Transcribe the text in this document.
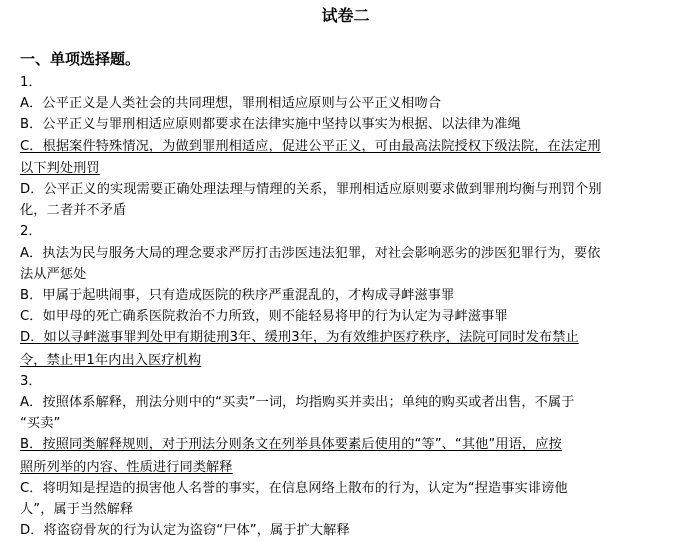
试卷二
一、单项选择题。
1．
A．公平正义是人类社会的共同理想，罪刑相适应原则与公平正义相吻合
B．公平正义与罪刑相适应原则都要求在法律实施中坚持以事实为根据、以法律为准绳
C．根据案件特殊情况，为做到罪刑相适应，促进公平正义，可由最高法院授权下级法院，在法定刑
以下判处刑罚
D．公平正义的实现需要正确处理法理与情理的关系，罪刑相适应原则要求做到罪刑均衡与刑罚个别
化，二者并不矛盾
2．
A．执法为民与服务大局的理念要求严厉打击涉医违法犯罪，对社会影响恶劣的涉医犯罪行为，要依
法从严惩处
B．甲属于起哄闹事，只有造成医院的秩序严重混乱的，才构成寻衅滋事罪
C．如甲母的死亡确系医院救治不力所致，则不能轻易将甲的行为认定为寻衅滋事罪
D．如以寻衅滋事罪判处甲有期徒刑3年、缓刑3年，为有效维护医疗秩序，法院可同时发布禁止
令，禁止甲1年内出入医疗机构
3．
A．按照体系解释，刑法分则中的“买卖”一词，均指购买并卖出；单纯的购买或者出售，不属于
“买卖”
B．按照同类解释规则，对于刑法分则条文在列举具体要素后使用的“等”、“其他”用语，应按
照所列举的内容、性质进行同类解释
C．将明知是捏造的损害他人名誉的事实，在信息网络上散布的行为，认定为“捏造事实诽谤他
人”，属于当然解释
D．将盗窃骨灰的行为认定为盗窃“尸体”，属于扩大解释
